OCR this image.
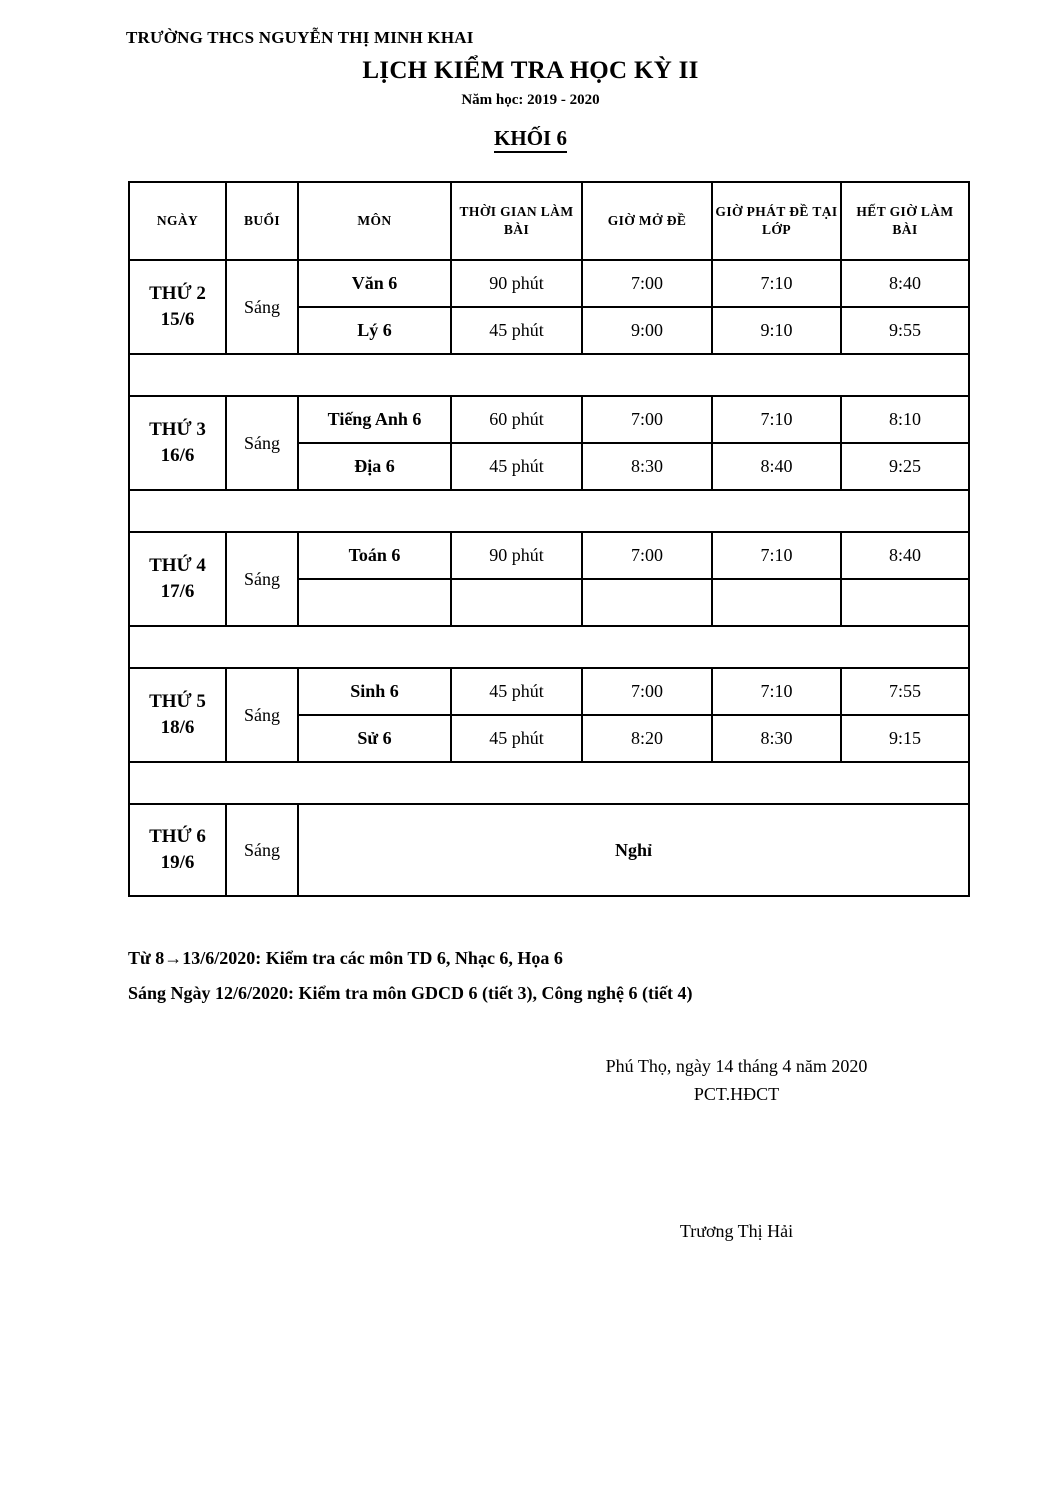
TRƯỜNG THCS NGUYỄN THỊ MINH KHAI
LỊCH KIỂM TRA HỌC KỲ II
Năm học: 2019 - 2020
KHỐI 6
NGÀY	BUỔI	MÔN	THỜI GIAN LÀM BÀI	GIỜ MỞ ĐỀ	GIỜ PHÁT ĐỀ TẠI LỚP	HẾT GIỜ LÀM BÀI

THỨ 2
15/6	Sáng	Văn 6	90 phút	7:00	7:10	8:40
		Lý 6	45 phút	9:00	9:10	9:55

THỨ 3
16/6	Sáng	Tiếng Anh 6	60 phút	7:00	7:10	8:10
		Địa 6	45 phút	8:30	8:40	9:25

THỨ 4
17/6	Sáng	Toán 6	90 phút	7:00	7:10	8:40

THỨ 5
18/6	Sáng	Sinh 6	45 phút	7:00	7:10	7:55
		Sử 6	45 phút	8:20	8:30	9:15

THỨ 6
19/6	Sáng	Nghỉ				
Từ 8→13/6/2020: Kiểm tra các môn TD 6, Nhạc 6, Họa 6
Sáng Ngày 12/6/2020: Kiểm tra môn GDCD 6 (tiết 3), Công nghệ 6 (tiết 4)
Phú Thọ, ngày 14 tháng 4 năm 2020
PCT.HĐCT
Trương Thị Hải
